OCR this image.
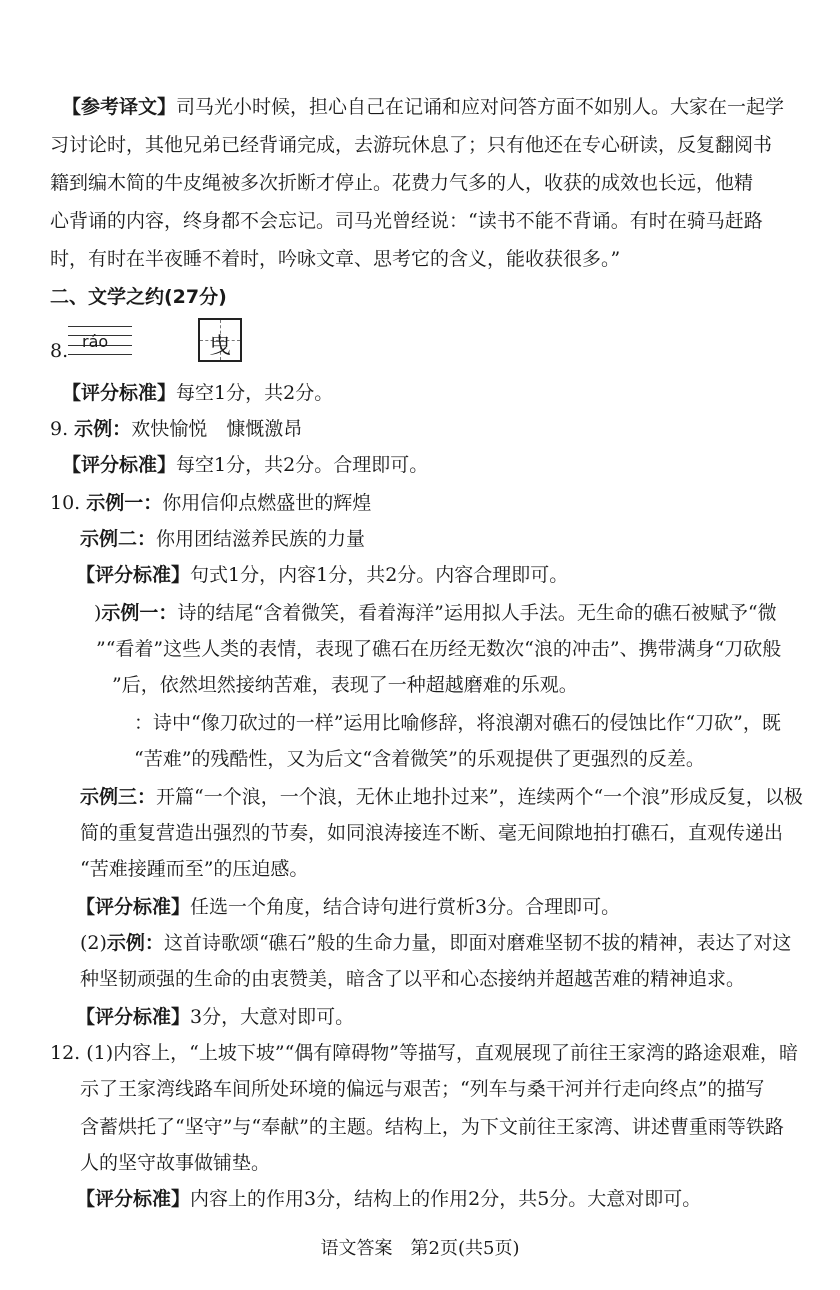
【参考译文】司马光小时候，担心自己在记诵和应对问答方面不如别人。大家在一起学
习讨论时，其他兄弟已经背诵完成，去游玩休息了；只有他还在专心研读，反复翻阅书
籍到编木简的牛皮绳被多次折断才停止。花费力气多的人，收获的成效也长远，他精
心背诵的内容，终身都不会忘记。司马光曾经说：“读书不能不背诵。有时在骑马赶路
时，有时在半夜睡不着时，吟咏文章、思考它的含义，能收获很多。”
二、文学之约(27分)
8. ráo	曳
【评分标准】每空1分，共2分。
9. 示例：欢快愉悦　慷慨激昂
【评分标准】每空1分，共2分。合理即可。
10. 示例一：你用信仰点燃盛世的辉煌
示例二：你用团结滋养民族的力量
【评分标准】句式1分，内容1分，共2分。内容合理即可。
)示例一：诗的结尾“含着微笑，看着海洋”运用拟人手法。无生命的礁石被赋予“微
”“看着”这些人类的表情，表现了礁石在历经无数次“浪的冲击”、携带满身“刀砍般
”后，依然坦然接纳苦难，表现了一种超越磨难的乐观。
：诗中“像刀砍过的一样”运用比喻修辞，将浪潮对礁石的侵蚀比作“刀砍”，既
“苦难”的残酷性，又为后文“含着微笑”的乐观提供了更强烈的反差。
示例三：开篇“一个浪，一个浪，无休止地扑过来”，连续两个“一个浪”形成反复，以极
简的重复营造出强烈的节奏，如同浪涛接连不断、毫无间隙地拍打礁石，直观传递出
“苦难接踵而至”的压迫感。
【评分标准】任选一个角度，结合诗句进行赏析3分。合理即可。
(2)示例：这首诗歌颂“礁石”般的生命力量，即面对磨难坚韧不拔的精神，表达了对这
种坚韧顽强的生命的由衷赞美，暗含了以平和心态接纳并超越苦难的精神追求。
【评分标准】3分，大意对即可。
12. (1)内容上，“上坡下坡”“偶有障碍物”等描写，直观展现了前往王家湾的路途艰难，暗
示了王家湾线路车间所处环境的偏远与艰苦；“列车与桑干河并行走向终点”的描写
含蓄烘托了“坚守”与“奉献”的主题。结构上，为下文前往王家湾、讲述曹重雨等铁路
人的坚守故事做铺垫。
【评分标准】内容上的作用3分，结构上的作用2分，共5分。大意对即可。
语文答案　第2页(共5页)
